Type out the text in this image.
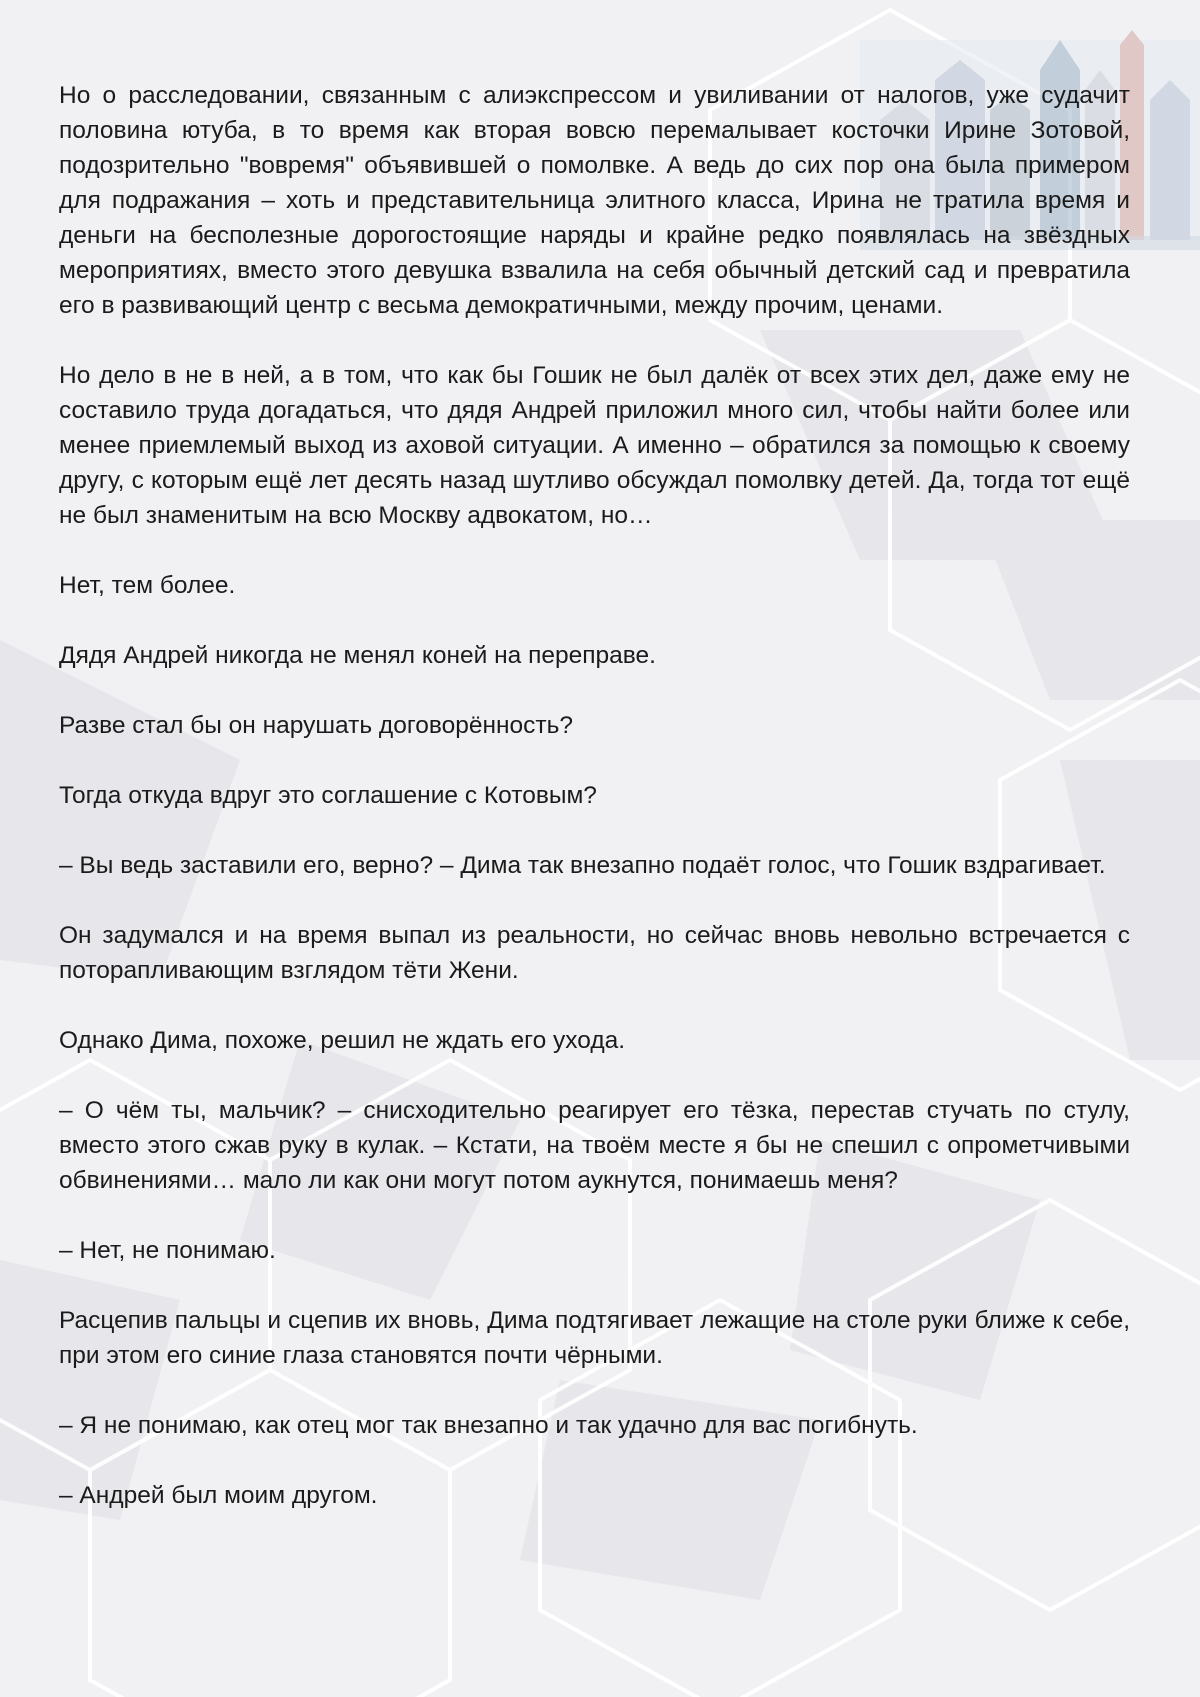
Но о расследовании, связанным с алиэкспрессом и увиливании от налогов, уже судачит половина ютуба, в то время как вторая вовсю перемалывает косточки Ирине Зотовой, подозрительно "вовремя" объявившей о помолвке. А ведь до сих пор она была примером для подражания – хоть и представительница элитного класса, Ирина не тратила время и деньги на бесполезные дорогостоящие наряды и крайне редко появлялась на звёздных мероприятиях, вместо этого девушка взвалила на себя обычный детский сад и превратила его в развивающий центр с весьма демократичными, между прочим, ценами.

Но дело в не в ней, а в том, что как бы Гошик не был далёк от всех этих дел, даже ему не составило труда догадаться, что дядя Андрей приложил много сил, чтобы найти более или менее приемлемый выход из аховой ситуации. А именно – обратился за помощью к своему другу, с которым ещё лет десять назад шутливо обсуждал помолвку детей. Да, тогда тот ещё не был знаменитым на всю Москву адвокатом, но…

Нет, тем более.

Дядя Андрей никогда не менял коней на переправе.

Разве стал бы он нарушать договорённость?

Тогда откуда вдруг это соглашение с Котовым?

– Вы ведь заставили его, верно? – Дима так внезапно подаёт голос, что Гошик вздрагивает.

Он задумался и на время выпал из реальности, но сейчас вновь невольно встречается с поторапливающим взглядом тёти Жени.

Однако Дима, похоже, решил не ждать его ухода.

– О чём ты, мальчик? – снисходительно реагирует его тёзка, перестав стучать по стулу, вместо этого сжав руку в кулак. – Кстати, на твоём месте я бы не спешил с опрометчивыми обвинениями… мало ли как они могут потом аукнутся, понимаешь меня?

– Нет, не понимаю.

Расцепив пальцы и сцепив их вновь, Дима подтягивает лежащие на столе руки ближе к себе, при этом его синие глаза становятся почти чёрными.

– Я не понимаю, как отец мог так внезапно и так удачно для вас погибнуть.

– Андрей был моим другом.
